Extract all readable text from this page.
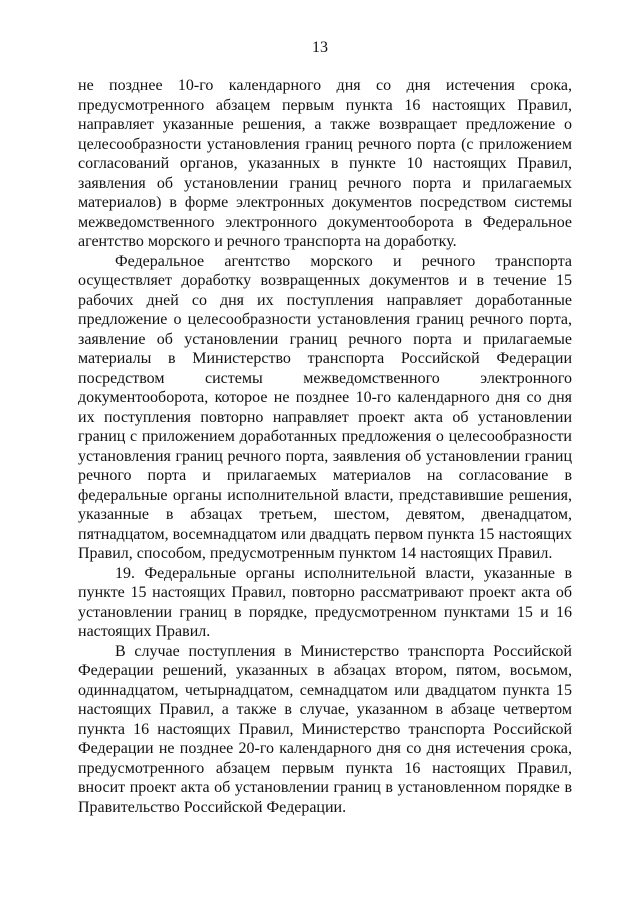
13

не позднее 10-го календарного дня со дня истечения срока, предусмотренного абзацем первым пункта 16 настоящих Правил, направляет указанные решения, а также возвращает предложение о целесообразности установления границ речного порта (с приложением согласований органов, указанных в пункте 10 настоящих Правил, заявления об установлении границ речного порта и прилагаемых материалов) в форме электронных документов посредством системы межведомственного электронного документооборота в Федеральное агентство морского и речного транспорта на доработку.

Федеральное агентство морского и речного транспорта осуществляет доработку возвращенных документов и в течение 15 рабочих дней со дня их поступления направляет доработанные предложение о целесообразности установления границ речного порта, заявление об установлении границ речного порта и прилагаемые материалы в Министерство транспорта Российской Федерации посредством системы межведомственного электронного документооборота, которое не позднее 10-го календарного дня со дня их поступления повторно направляет проект акта об установлении границ с приложением доработанных предложения о целесообразности установления границ речного порта, заявления об установлении границ речного порта и прилагаемых материалов на согласование в федеральные органы исполнительной власти, представившие решения, указанные в абзацах третьем, шестом, девятом, двенадцатом, пятнадцатом, восемнадцатом или двадцать первом пункта 15 настоящих Правил, способом, предусмотренным пунктом 14 настоящих Правил.

19. Федеральные органы исполнительной власти, указанные в пункте 15 настоящих Правил, повторно рассматривают проект акта об установлении границ в порядке, предусмотренном пунктами 15 и 16 настоящих Правил.

В случае поступления в Министерство транспорта Российской Федерации решений, указанных в абзацах втором, пятом, восьмом, одиннадцатом, четырнадцатом, семнадцатом или двадцатом пункта 15 настоящих Правил, а также в случае, указанном в абзаце четвертом пункта 16 настоящих Правил, Министерство транспорта Российской Федерации не позднее 20-го календарного дня со дня истечения срока, предусмотренного абзацем первым пункта 16 настоящих Правил, вносит проект акта об установлении границ в установленном порядке в Правительство Российской Федерации.
